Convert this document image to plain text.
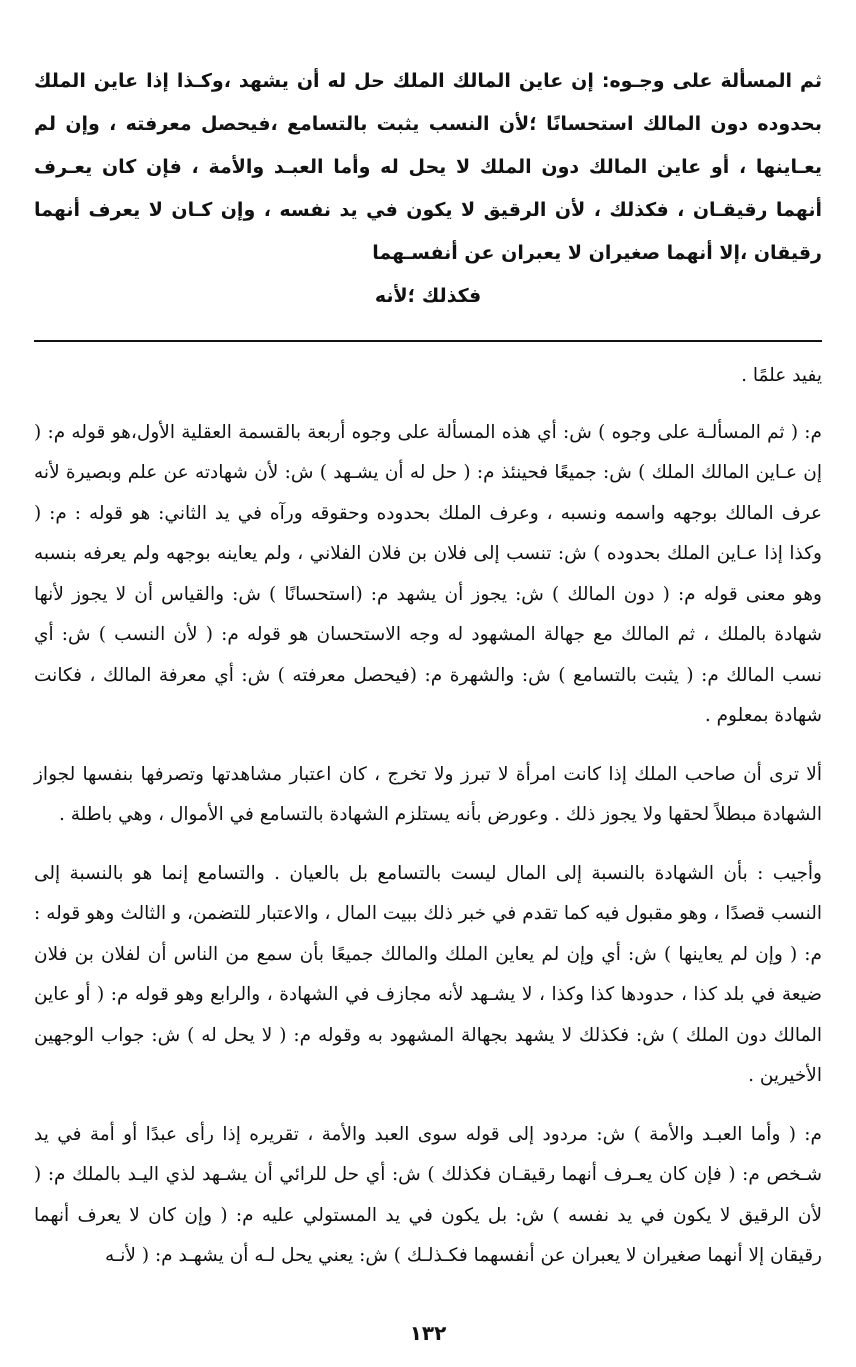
ثم المسألة على وجـوه: إن عاين المالك الملك حل له أن يشهد ،وكـذا إذا عاين الملك بحدوده دون المالك استحسانًا ؛لأن النسب يثبت بالتسامع ،فيحصل معرفته ، وإن لم يعـاينها ، أو عاين المالك دون الملك لا يحل له وأما العبـد والأمة ، فإن كان يعـرف أنهما رقيقـان ، فكذلك ، لأن الرقيق لا يكون في يد نفسه ، وإن كـان لا يعرف أنهما رقيقان ،إلا أنهما صغيران لا يعبران عن أنفسـهما
فكذلك ؛لأنه

يفيد علمًا .

م: ( ثم المسألـة على وجوه ) ش: أي هذه المسألة على وجوه أربعة بالقسمة العقلية الأول،هو قوله م: ( إن عـاين المالك الملك ) ش: جميعًا فحينئذ م: ( حل له أن يشـهد ) ش: لأن شهادته عن علم وبصيرة لأنه عرف المالك بوجهه واسمه ونسبه ، وعرف الملك بحدوده وحقوقه ورآه في يد الثاني: هو قوله : م: ( وكذا إذا عـاين الملك بحدوده ) ش: تنسب إلى فلان بن فلان الفلاني ، ولم يعاينه بوجهه ولم يعرفه بنسبه وهو معنى قوله م: ( دون المالك ) ش: يجوز أن يشهد م: (استحسانًا ) ش: والقياس أن لا يجوز لأنها شهادة بالملك ، ثم المالك مع جهالة المشهود له وجه الاستحسان هو قوله م: ( لأن النسب ) ش: أي نسب المالك م: ( يثبت بالتسامع ) ش: والشهرة م: (فيحصل معرفته ) ش: أي معرفة المالك ، فكانت شهادة بمعلوم .

ألا ترى أن صاحب الملك إذا كانت امرأة لا تبرز ولا تخرج ، كان اعتبار مشاهدتها وتصرفها بنفسها لجواز الشهادة مبطلاً لحقها ولا يجوز ذلك . وعورض بأنه يستلزم الشهادة بالتسامع في الأموال ، وهي باطلة .

وأجيب : بأن الشهادة بالنسبة إلى المال ليست بالتسامع بل بالعيان . والتسامع إنما هو بالنسبة إلى النسب قصدًا ، وهو مقبول فيه كما تقدم في خبر ذلك ببيت المال ، والاعتبار للتضمن، و الثالث وهو قوله : م: ( وإن لم يعاينها ) ش: أي وإن لم يعاين الملك والمالك جميعًا بأن سمع من الناس أن لفلان بن فلان ضيعة في بلد كذا ، حدودها كذا وكذا ، لا يشـهد لأنه مجازف في الشهادة ، والرابع وهو قوله م: ( أو عاين المالك دون الملك ) ش: فكذلك لا يشهد بجهالة المشهود به وقوله م: ( لا يحل له ) ش: جواب الوجهين الأخيرين .

م: ( وأما العبـد والأمة ) ش: مردود إلى قوله سوى العبد والأمة ، تقريره إذا رأى عبدًا أو أمة في يد شـخص م: ( فإن كان يعـرف أنهما رقيقـان فكذلك ) ش: أي حل للرائي أن يشـهد لذي اليـد بالملك م: ( لأن الرقيق لا يكون في يد نفسه ) ش: بل يكون في يد المستولي عليه م: ( وإن كان لا يعرف أنهما رقيقان إلا أنهما صغيران لا يعبران عن أنفسهما فكـذلـك ) ش: يعني يحل لـه أن يشهـد م: ( لأنـه

١٣٢
